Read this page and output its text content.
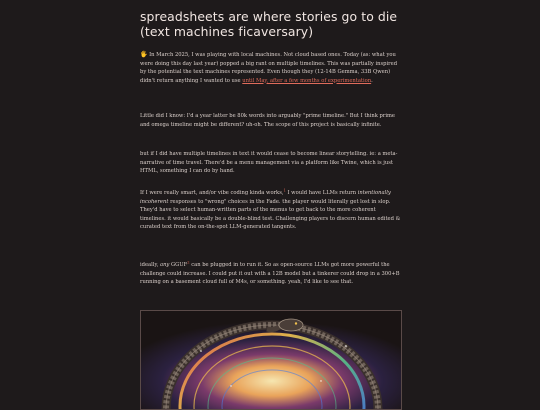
spreadsheets are where stories go to die (text machines ficaversary)

🖐 In March 2025, I was playing with local machines. Not cloud based ones. Today (as: what you were doing this day last year) popped a big rant on multiple timelines. This was partially inspired by the potential the text machines represented. Even though they (12-14B Gemma, 33B Qwen) didn't return anything I wanted to use until May, after a few months of experimentation.

Little did I know: I'd a year latter be 80k words into arguably "prime timeline." But I think prime and omega timeline might be different? uh-oh. The scope of this project is basically infinite.

but if I did have multiple timelines in text it would cease to become linear storytelling. ie: a meta-narrative of time travel. There'd be a menu management via a platform like Twine, which is just HTML, something I can do by hand.

If I were really smart, and/or vibe coding kinda works,$^1$ I would have LLMs return intentionally incoherent responses to "wrong" choices in the Fade. the player would literally get lost in slop. They'd have to select human-written parts of the menus to get back to the more coherent timelines. it would basically be a double-blind test. Challenging players to discern human edited & curated text from the on-the-spot LLM-generated tangents.

ideally, any GGUF$^2$ can be plugged in to run it. So as open-source LLMs got more powerful the challenge could increase. I could put it out with a 12B model but a tinkerer could drop in a 300+B running on a basement cloud full of M4s, or something. yeah, I'd like to see that.
